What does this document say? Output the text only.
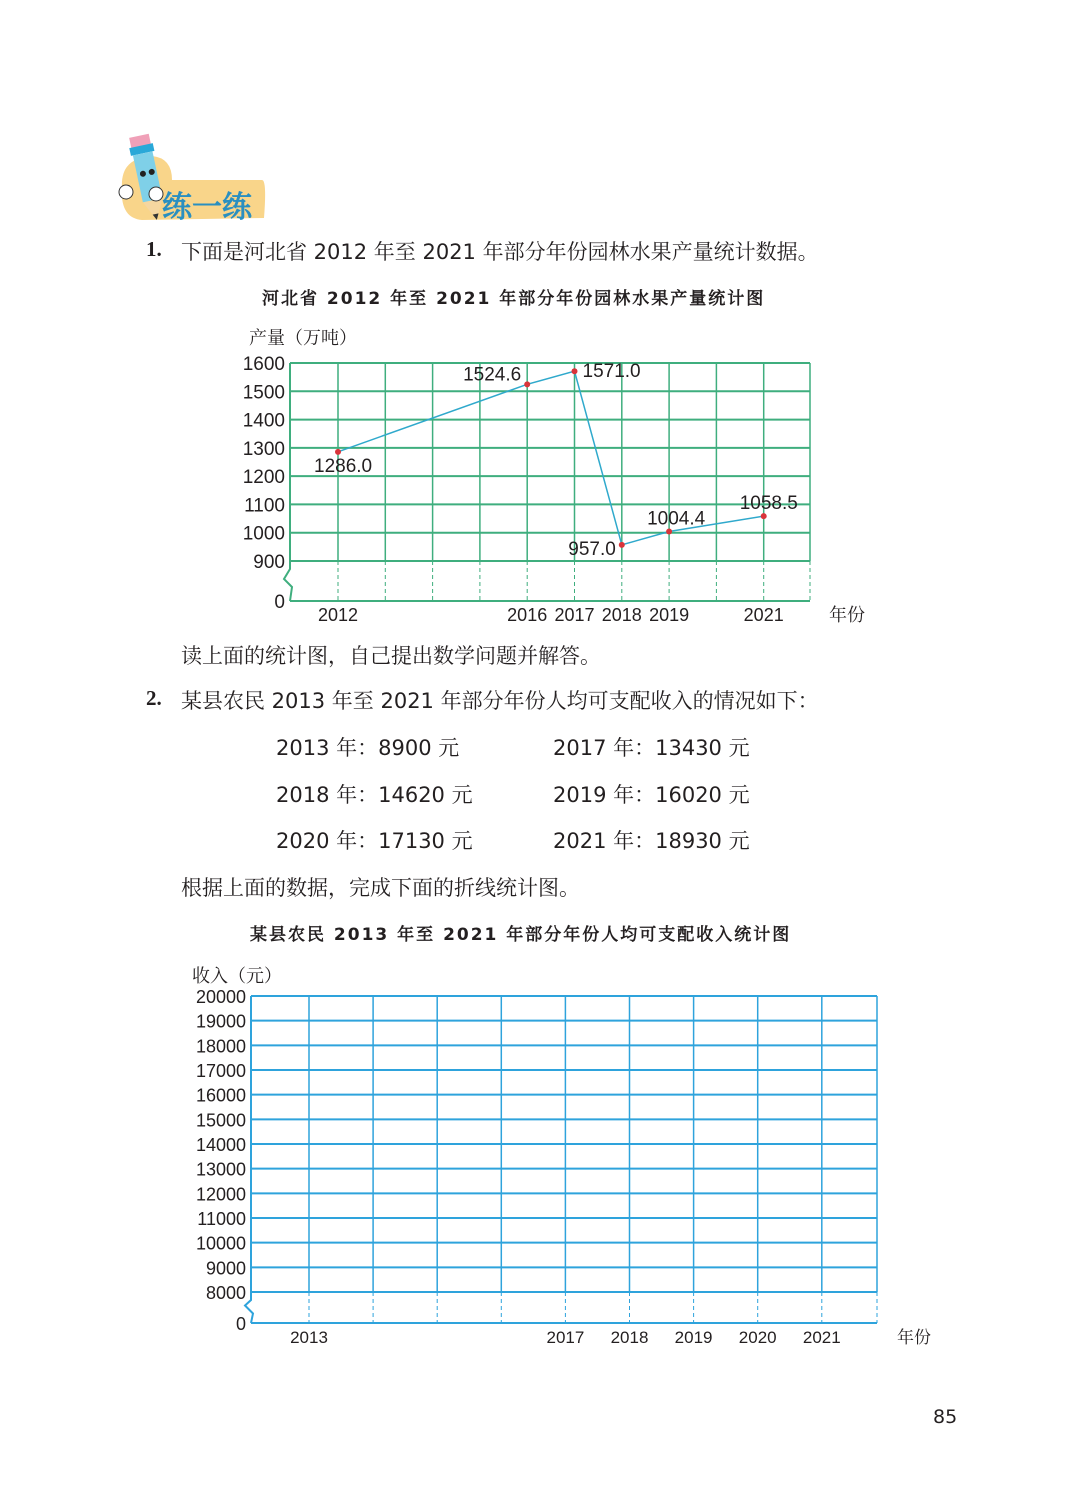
练一练
1. 下面是河北省 2012 年至 2021 年部分年份园林水果产量统计数据。
河北省 2012 年至 2021 年部分年份园林水果产量统计图
产量（万吨）
900
1000
1100
1200
1300
1400
1500
1600
0
2012	2016 2017 2018 2019	2021	年份
1286.0
1524.6	1571.0
957.0
1004.4
1058.5
读上面的统计图，自己提出数学问题并解答。
2. 某县农民 2013 年至 2021 年部分年份人均可支配收入的情况如下：
2013 年：8900 元	2017 年：13430 元
2018 年：14620 元	2019 年：16020 元
2020 年：17130 元	2021 年：18930 元
根据上面的数据，完成下面的折线统计图。
某县农民 2013 年至 2021 年部分年份人均可支配收入统计图
收入（元）
8000
9000
10000
11000
12000
13000
14000
15000
16000
17000
18000
19000
20000
0
2013	2017 2018 2019 2020 2021	年份
85
